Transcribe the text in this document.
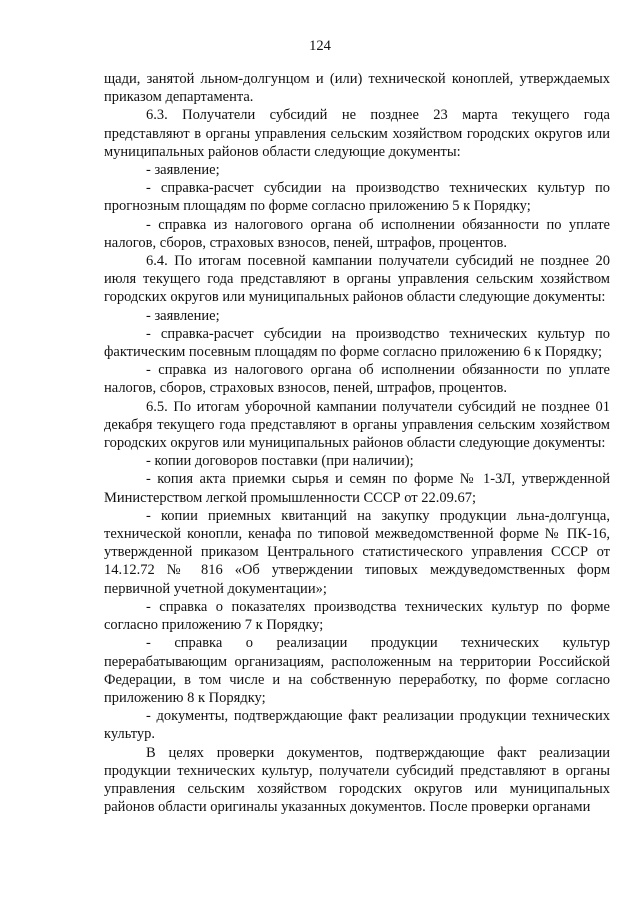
124

щади, занятой льном-долгунцом и (или) технической коноплей, утверждаемых приказом департамента.

6.3. Получатели субсидий не позднее 23 марта текущего года представляют в органы управления сельским хозяйством городских округов или муниципальных районов области следующие документы:

- заявление;

- справка-расчет субсидии на производство технических культур по прогнозным площадям по форме согласно приложению 5 к Порядку;

- справка из налогового органа об исполнении обязанности по уплате налогов, сборов, страховых взносов, пеней, штрафов, процентов.

6.4. По итогам посевной кампании получатели субсидий не позднее 20 июля текущего года представляют в органы управления сельским хозяйством городских округов или муниципальных районов области следующие документы:

- заявление;

- справка-расчет субсидии на производство технических культур по фактическим посевным площадям по форме согласно приложению 6 к Порядку;

- справка из налогового органа об исполнении обязанности по уплате налогов, сборов, страховых взносов, пеней, штрафов, процентов.

6.5. По итогам уборочной кампании получатели субсидий не позднее 01 декабря текущего года представляют в органы управления сельским хозяйством городских округов или муниципальных районов области следующие документы:

- копии договоров поставки (при наличии);

- копия акта приемки сырья и семян по форме № 1-ЗЛ, утвержденной Министерством легкой промышленности СССР от 22.09.67;

- копии приемных квитанций на закупку продукции льна-долгунца, технической конопли, кенафа по типовой межведомственной форме № ПК-16, утвержденной приказом Центрального статистического управления СССР от 14.12.72 № 816 «Об утверждении типовых междуведомственных форм первичной учетной документации»;

- справка о показателях производства технических культур по форме согласно приложению 7 к Порядку;

- справка о реализации продукции технических культур перерабатывающим организациям, расположенным на территории Российской Федерации, в том числе и на собственную переработку, по форме согласно приложению 8 к Порядку;

- документы, подтверждающие факт реализации продукции технических культур.

В целях проверки документов, подтверждающие факт реализации продукции технических культур, получатели субсидий представляют в органы управления сельским хозяйством городских округов или муниципальных районов области оригиналы указанных документов. После проверки органами
